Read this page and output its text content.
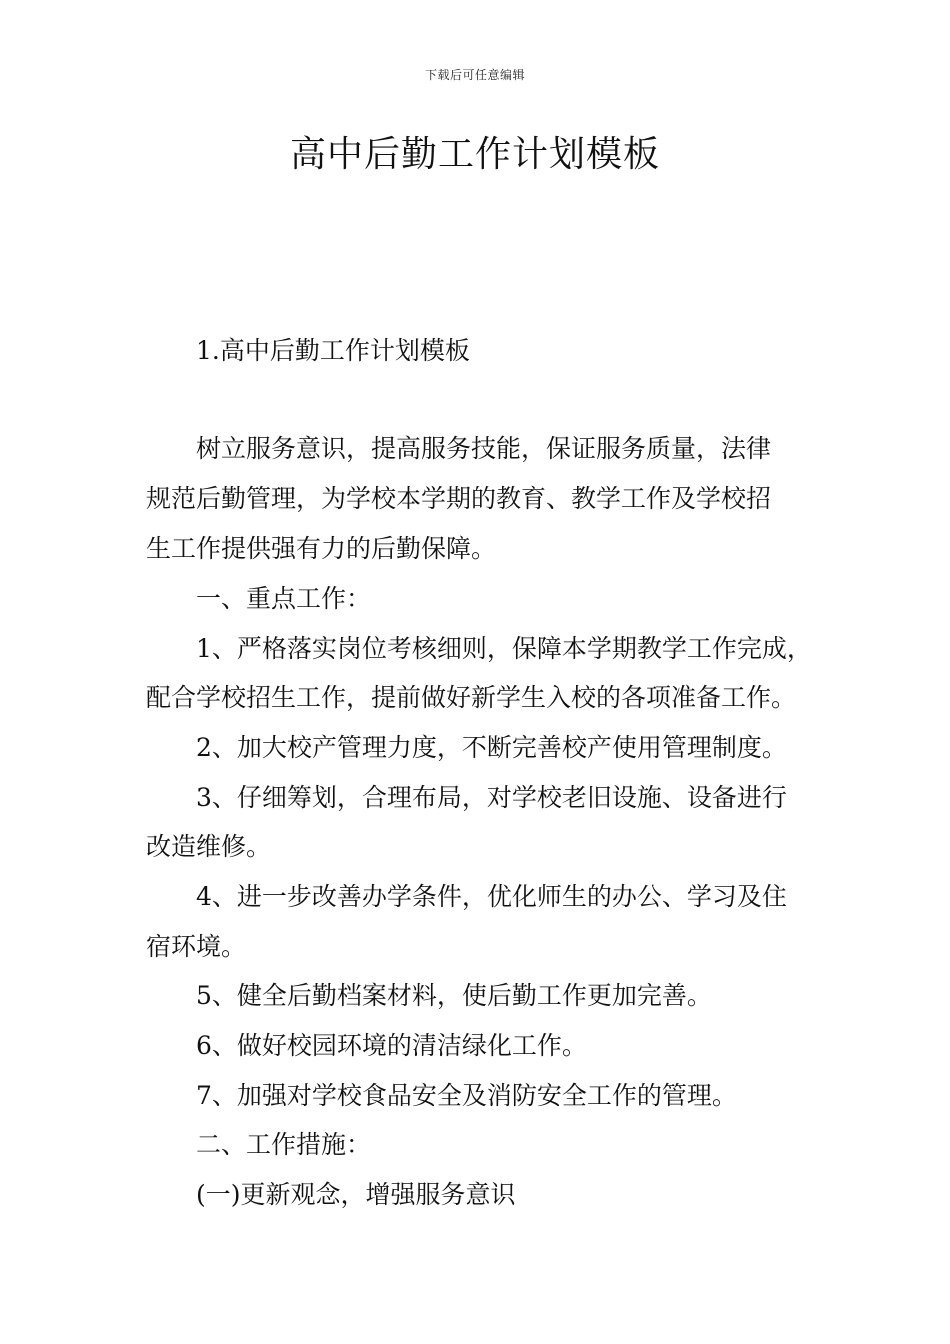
下载后可任意编辑
高中后勤工作计划模板
1.高中后勤工作计划模板
树立服务意识，提高服务技能，保证服务质量，法律
规范后勤管理，为学校本学期的教育、教学工作及学校招
生工作提供强有力的后勤保障。
一、重点工作：
1、严格落实岗位考核细则，保障本学期教学工作完成，
配合学校招生工作，提前做好新学生入校的各项准备工作。
2、加大校产管理力度，不断完善校产使用管理制度。
3、仔细筹划，合理布局，对学校老旧设施、设备进行
改造维修。
4、进一步改善办学条件，优化师生的办公、学习及住
宿环境。
5、健全后勤档案材料，使后勤工作更加完善。
6、做好校园环境的清洁绿化工作。
7、加强对学校食品安全及消防安全工作的管理。
二、工作措施：
(一)更新观念，增强服务意识
